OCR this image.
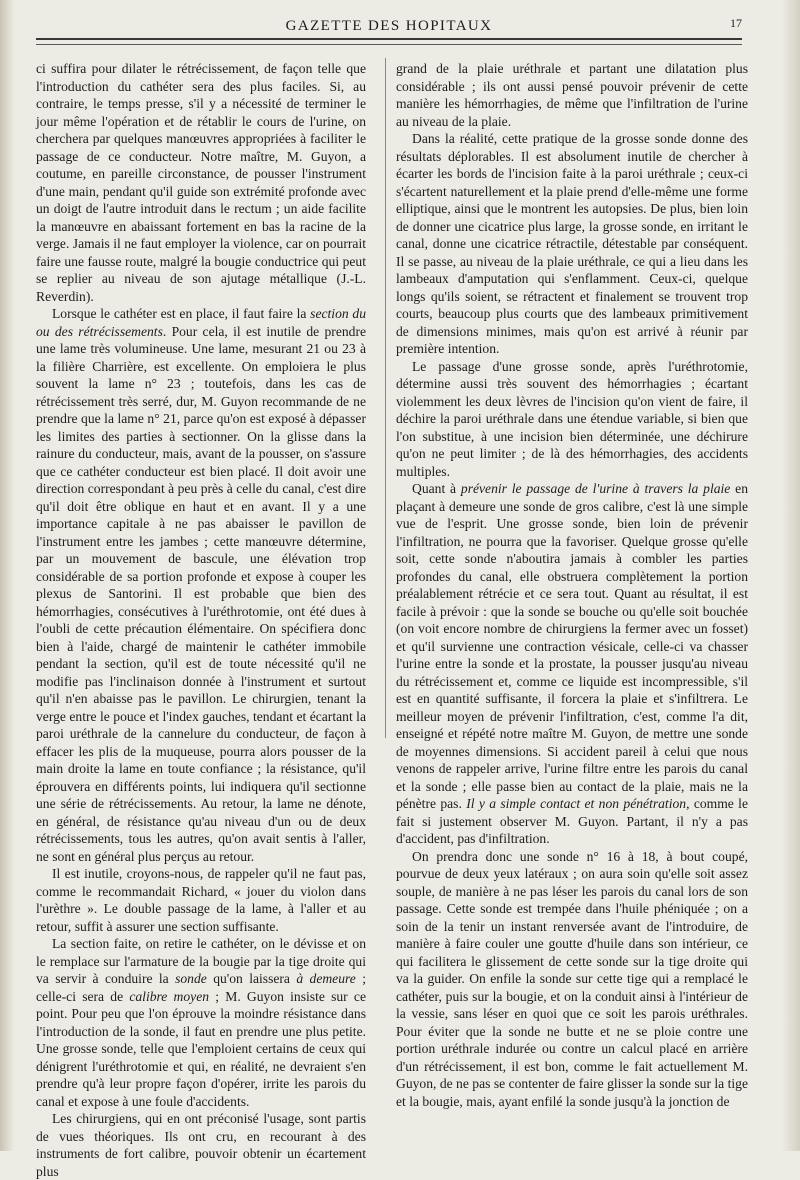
GAZETTE DES HOPITAUX	17

ci suffira pour dilater le rétrécissement, de façon telle que l'introduction du cathéter sera des plus faciles. Si, au contraire, le temps presse, s'il y a nécessité de terminer le jour même l'opération et de rétablir le cours de l'urine, on cherchera par quelques manœuvres appropriées à faciliter le passage de ce conducteur. Notre maître, M. Guyon, a coutume, en pareille circonstance, de pousser l'instrument d'une main, pendant qu'il guide son extrémité profonde avec un doigt de l'autre introduit dans le rectum ; un aide facilite la manœuvre en abaissant fortement en bas la racine de la verge. Jamais il ne faut employer la violence, car on pourrait faire une fausse route, malgré la bougie conductrice qui peut se replier au niveau de son ajutage métallique (J.-L. Reverdin).

Lorsque le cathéter est en place, il faut faire la section du ou des rétrécissements. Pour cela, il est inutile de prendre une lame très volumineuse. Une lame, mesurant 21 ou 23 à la filière Charrière, est excellente. On emploiera le plus souvent la lame n° 23 ; toutefois, dans les cas de rétrécissement très serré, dur, M. Guyon recommande de ne prendre que la lame n° 21, parce qu'on est exposé à dépasser les limites des parties à sectionner. On la glisse dans la rainure du conducteur, mais, avant de la pousser, on s'assure que ce cathéter conducteur est bien placé. Il doit avoir une direction correspondant à peu près à celle du canal, c'est dire qu'il doit être oblique en haut et en avant. Il y a une importance capitale à ne pas abaisser le pavillon de l'instrument entre les jambes ; cette manœuvre détermine, par un mouvement de bascule, une élévation trop considérable de sa portion profonde et expose à couper les plexus de Santorini. Il est probable que bien des hémorrhagies, consécutives à l'uréthrotomie, ont été dues à l'oubli de cette précaution élémentaire. On spécifiera donc bien à l'aide, chargé de maintenir le cathéter immobile pendant la section, qu'il est de toute nécessité qu'il ne modifie pas l'inclinaison donnée à l'instrument et surtout qu'il n'en abaisse pas le pavillon. Le chirurgien, tenant la verge entre le pouce et l'index gauches, tendant et écartant la paroi uréthrale de la cannelure du conducteur, de façon à effacer les plis de la muqueuse, pourra alors pousser de la main droite la lame en toute confiance ; la résistance, qu'il éprouvera en différents points, lui indiquera qu'il sectionne une série de rétrécissements. Au retour, la lame ne dénote, en général, de résistance qu'au niveau d'un ou de deux rétrécissements, tous les autres, qu'on avait sentis à l'aller, ne sont en général plus perçus au retour.

Il est inutile, croyons-nous, de rappeler qu'il ne faut pas, comme le recommandait Richard, « jouer du violon dans l'urèthre ». Le double passage de la lame, à l'aller et au retour, suffit à assurer une section suffisante.

La section faite, on retire le cathéter, on le dévisse et on le remplace sur l'armature de la bougie par la tige droite qui va servir à conduire la sonde qu'on laissera à demeure ; celle-ci sera de calibre moyen ; M. Guyon insiste sur ce point. Pour peu que l'on éprouve la moindre résistance dans l'introduction de la sonde, il faut en prendre une plus petite. Une grosse sonde, telle que l'emploient certains de ceux qui dénigrent l'uréthrotomie et qui, en réalité, ne devraient s'en prendre qu'à leur propre façon d'opérer, irrite les parois du canal et expose à une foule d'accidents.

Les chirurgiens, qui en ont préconisé l'usage, sont partis de vues théoriques. Ils ont cru, en recourant à des instruments de fort calibre, pouvoir obtenir un écartement plus

grand de la plaie uréthrale et partant une dilatation plus considérable ; ils ont aussi pensé pouvoir prévenir de cette manière les hémorrhagies, de même que l'infiltration de l'urine au niveau de la plaie.

Dans la réalité, cette pratique de la grosse sonde donne des résultats déplorables. Il est absolument inutile de chercher à écarter les bords de l'incision faite à la paroi uréthrale ; ceux-ci s'écartent naturellement et la plaie prend d'elle-même une forme elliptique, ainsi que le montrent les autopsies. De plus, bien loin de donner une cicatrice plus large, la grosse sonde, en irritant le canal, donne une cicatrice rétractile, détestable par conséquent. Il se passe, au niveau de la plaie uréthrale, ce qui a lieu dans les lambeaux d'amputation qui s'enflamment. Ceux-ci, quelque longs qu'ils soient, se rétractent et finalement se trouvent trop courts, beaucoup plus courts que des lambeaux primitivement de dimensions minimes, mais qu'on est arrivé à réunir par première intention.

Le passage d'une grosse sonde, après l'uréthrotomie, détermine aussi très souvent des hémorrhagies ; écartant violemment les deux lèvres de l'incision qu'on vient de faire, il déchire la paroi uréthrale dans une étendue variable, si bien que l'on substitue, à une incision bien déterminée, une déchirure qu'on ne peut limiter ; de là des hémorrhagies, des accidents multiples.

Quant à prévenir le passage de l'urine à travers la plaie en plaçant à demeure une sonde de gros calibre, c'est là une simple vue de l'esprit. Une grosse sonde, bien loin de prévenir l'infiltration, ne pourra que la favoriser. Quelque grosse qu'elle soit, cette sonde n'aboutira jamais à combler les parties profondes du canal, elle obstruera complètement la portion préalablement rétrécie et ce sera tout. Quant au résultat, il est facile à prévoir : que la sonde se bouche ou qu'elle soit bouchée (on voit encore nombre de chirurgiens la fermer avec un fosset) et qu'il survienne une contraction vésicale, celle-ci va chasser l'urine entre la sonde et la prostate, la pousser jusqu'au niveau du rétrécissement et, comme ce liquide est incompressible, s'il est en quantité suffisante, il forcera la plaie et s'infiltrera. Le meilleur moyen de prévenir l'infiltration, c'est, comme l'a dit, enseigné et répété notre maître M. Guyon, de mettre une sonde de moyennes dimensions. Si accident pareil à celui que nous venons de rappeler arrive, l'urine filtre entre les parois du canal et la sonde ; elle passe bien au contact de la plaie, mais ne la pénètre pas. Il y a simple contact et non pénétration, comme le fait si justement observer M. Guyon. Partant, il n'y a pas d'accident, pas d'infiltration.

On prendra donc une sonde n° 16 à 18, à bout coupé, pourvue de deux yeux latéraux ; on aura soin qu'elle soit assez souple, de manière à ne pas léser les parois du canal lors de son passage. Cette sonde est trempée dans l'huile phéniquée ; on a soin de la tenir un instant renversée avant de l'introduire, de manière à faire couler une goutte d'huile dans son intérieur, ce qui facilitera le glissement de cette sonde sur la tige droite qui va la guider. On enfile la sonde sur cette tige qui a remplacé le cathéter, puis sur la bougie, et on la conduit ainsi à l'intérieur de la vessie, sans léser en quoi que ce soit les parois uréthrales. Pour éviter que la sonde ne butte et ne se ploie contre une portion uréthrale indurée ou contre un calcul placé en arrière d'un rétrécissement, il est bon, comme le fait actuellement M. Guyon, de ne pas se contenter de faire glisser la sonde sur la tige et la bougie, mais, ayant enfilé la sonde jusqu'à la jonction de
